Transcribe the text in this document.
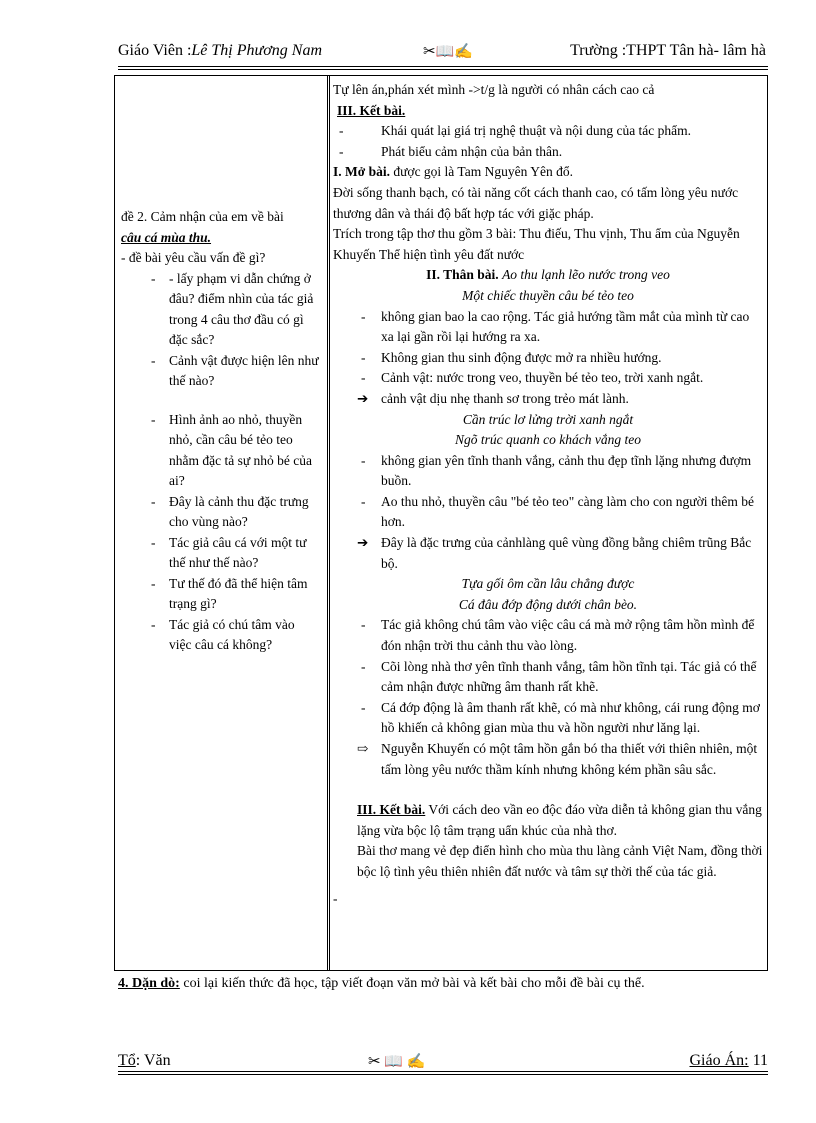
Giáo Viên :Lê Thị Phương Nam	✂📖✍	Trường :THPT Tân hà- lâm hà
đề 2. Cảm nhận của em về bài
câu cá mùa thu.
- đề bài yêu cầu vấn đề gì?
- - lấy phạm vi dẫn chứng ở đâu? điểm nhìn của tác giả trong 4 câu thơ đầu có gì đặc sắc?
- Cảnh vật được hiện lên như thế nào?
- Hình ảnh ao nhỏ, thuyền nhỏ, cần câu bé tẻo teo nhằm đặc tả sự nhỏ bé của ai?
- Đây là cảnh thu đặc trưng cho vùng nào?
- Tác giả câu cá với một tư thế như thế nào?
- Tư thế đó đã thể hiện tâm trạng gì?
- Tác giả có chú tâm vào việc câu cá không?
Tự lên án,phán xét mình ->t/g là người có nhân cách cao cả
III. Kết bài.
-	Khái quát lại giá trị nghệ thuật và nội dung của tác phẩm.
-	Phát biểu cảm nhận của bản thân.
I. Mở bài. được gọi là Tam Nguyên Yên đổ.
Đời sống thanh bạch, có tài năng cốt cách thanh cao, có tấm lòng yêu nước thương dân và thái độ bất hợp tác với giặc pháp.
Trích trong tập thơ thu gồm 3 bài: Thu điếu, Thu vịnh, Thu ẩm của Nguyễn Khuyến Thể hiện tình yêu đất nước
II. Thân bài. Ao thu lạnh lẽo nước trong veo
Một chiếc thuyền câu bé tẻo teo
- không gian bao la cao rộng. Tác giả hướng tầm mắt của mình từ cao xa lại gần rồi lại hướng ra xa.
- Không gian thu sinh động được mở ra nhiều hướng.
- Cảnh vật: nước trong veo, thuyền bé tẻo teo, trời xanh ngắt.
➔ cảnh vật dịu nhẹ thanh sơ trong trẻo mát lành.
Cần trúc lơ lửng trời xanh ngắt
Ngõ trúc quanh co khách vắng teo
- không gian yên tĩnh thanh vắng, cảnh thu đẹp tĩnh lặng nhưng đượm buồn.
- Ao thu nhỏ, thuyền câu "bé tẻo teo" càng làm cho con người thêm bé hơn.
➔ Đây là đặc trưng của cảnhlàng quê vùng đồng bằng chiêm trũng Bắc bộ.
Tựa gối ôm cần lâu chẳng được
Cá đâu đớp động dưới chân bèo.
- Tác giả không chú tâm vào việc câu cá mà mở rộng tâm hồn mình để đón nhận trời thu cảnh thu vào lòng.
- Cõi lòng nhà thơ yên tĩnh thanh vắng, tâm hồn tĩnh tại. Tác giả có thể cảm nhận được những âm thanh rất khẽ.
- Cá đớp động là âm thanh rất khẽ, có mà như không, cái rung động mơ hồ khiến cả không gian mùa thu và hồn người như lăng lại.
⇨ Nguyễn Khuyến có một tâm hồn gắn bó tha thiết với thiên nhiên, một tấm lòng yêu nước thầm kính nhưng không kém phần sâu sắc.
III. Kết bài. Với cách deo vần eo độc đáo vừa diễn tả không gian thu vắng lặng vừa bộc lộ tâm trạng uẩn khúc của nhà thơ.
Bài thơ mang vẻ đẹp điển hình cho mùa thu làng cảnh Việt Nam, đồng thời bộc lộ tình yêu thiên nhiên đất nước và tâm sự thời thế của tác giả.
-
4. Dặn dò: coi lại kiến thức đã học, tập viết đoạn văn mở bài và kết bài cho mỗi đề bài cụ thể.
Tổ: Văn	✂ 📖 ✍	Giáo Án: 11
